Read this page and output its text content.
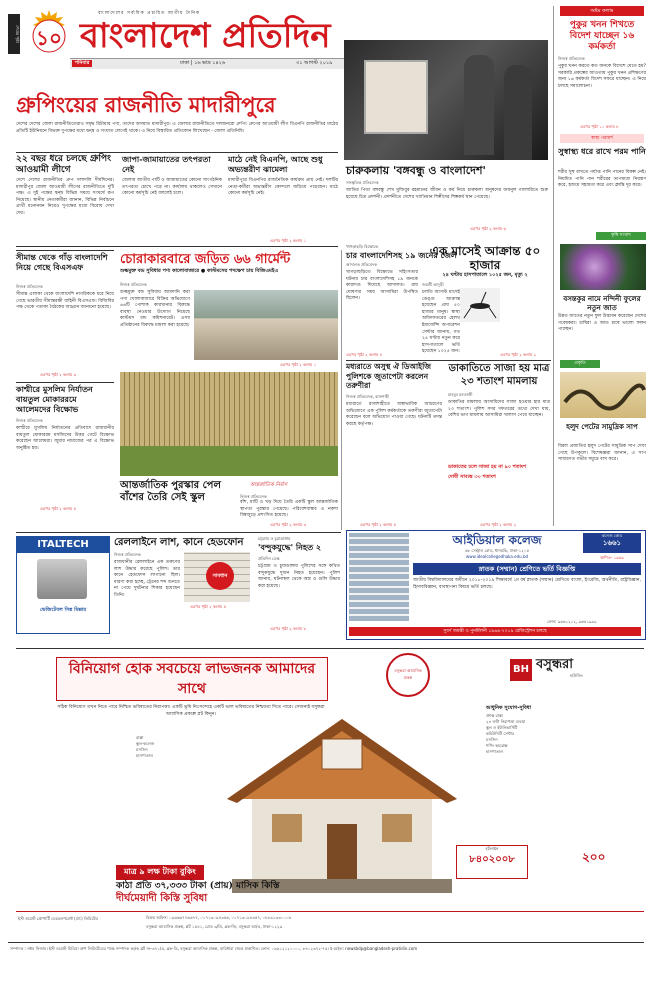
শেষের পৃষ্ঠা ১০
বাংলাদেশের সর্বাধিক প্রচারিত জাতীয় দৈনিক
বাংলাদেশ প্রতিদিন
শনিবার	ঢাকা | ১৬ ভাদ্র ১৪২৬	৩১ আগস্ট ২০১৯
গ্রুপিংয়ের রাজনীতি মাদারীপুরে
দেশের দেশের জেলা রাজনীতিতেরাও সমৃদ্ধ রিটায়ার পণ্য, তাদের অসমাত মাদারীপুর। এ জেলার রাজনীতিতে দলজনরো গ্রুপিং গ্রুপের আওয়ামী লীগ বিএনপি রাজনীতির মাঠের প্রতিটি ইউনিয়নে বিভক্ত দুপক্ষের মধ্যে দ্বন্দ্ব ও সংঘাত লেগেই থাকে। এ নিয়ে বিস্তারিত প্রতিবেদন লিখেছেন - জেলা প্রতিনিধি।
২২ বছর ধরে চলছে গ্রুপিং আওয়ামী লীগে
জাপা-জামায়াতের তৎপরতা নেই
মাঠে নেই বিএনপি, আছে শুধু অভ্যন্তরীণ ঝামেলা
দেশে দেশের রাজনীতির গ্রুপ দলাদলি দীর্ঘদিনের। মাদারীপুর জেলা আওয়ামী লীগের রাজনীতিতে দুটি পক্ষ। এ দুই পক্ষের দ্বন্দ্ব বিভিন্ন সময়ে সংঘর্ষে রূপ নিয়েছে। স্থানীয় নেতাকর্মীরা জানান, বিভিন্ন নির্বাচনে প্রার্থী মনোনয়ন নিয়েও দুপক্ষের মধ্যে বিরোধ দেখা দেয়।
জেলায় জাতীয় পার্টি ও জামায়াতের কোনো সাংগঠনিক তৎপরতা চোখে পড়ে না। কার্যালয় থাকলেও সেখানে কোনো কর্মসূচি নেই বললেই চলে।
মাদারীপুরে বিএনপির রাজনৈতিক কার্যক্রম প্রায় নেই। দলটির নেতা-কর্মীরা অভ্যন্তরীণ কোন্দলে জড়িয়ে পড়েছেন। মাঠে কোনো কর্মসূচি নেই।
এরপর পৃষ্ঠা ২ কলাম ১
চারুকলায় 'বঙ্গবন্ধু ও বাংলাদেশ'
সাংস্কৃতিক প্রতিবেদক
জাতির পিতা বঙ্গবন্ধু শেখ মুজিবুর রহমানের জীবন ও কর্ম নিয়ে চারুকলা অনুষদের জয়নুল গ্যালারিতে শুরু হয়েছে চিত্র প্রদর্শনী। প্রদর্শনীতে দেশের খ্যাতিমান শিল্পীদের শিল্পকর্ম স্থান পেয়েছে।
এরপর পৃষ্ঠা ২ কলাম ৬
অষ্টম কলাম
পুকুর খনন শিখতে বিদেশ যাচ্ছেন ১৬ কর্মকর্তা
নিজস্ব প্রতিবেদক
পুকুর খনন করতে কত জনকে বিদেশে যেতে হয়? সরকারি প্রকল্পের আওতায় পুকুর খনন প্রশিক্ষণের জন্য ১৬ কর্মকর্তা বিদেশ সফরে যাচ্ছেন। এ নিয়ে চলছে সমালোচনা।
এরপর পৃষ্ঠা ১০ কলাম ৮
স্বাস্থ্য পরামর্শ
সুস্বাস্থ্য ধরে রাখে পরম পানি
শরীর সুস্থ রাখতে পর্যাপ্ত পানি পানের বিকল্প নেই। নিয়মিত পানি পান শরীরের তাপমাত্রা নিয়ন্ত্রণ করে, হজমে সহায়তা করে এবং ক্লান্তি দূর করে।
কৃষি সংবাদ
বসন্তকুর নামে নন্দিনী ফুলের নতুন জাত
উন্নত জাতের নতুন ফুল উদ্ভাবন করেছেন দেশের গবেষকরা। চাষিরা এ জাত চাষে ভালো ফলন পাচ্ছেন।
প্রকৃতি
হলুদ পেটের সামুদ্রিক সাপ
বিরল প্রজাতির হলুদ পেটের সামুদ্রিক সাপ দেখা গেছে উপকূলে। বিশেষজ্ঞরা জানান, এ সাপ সাধারণত গভীর সমুদ্রে বাস করে।
সীমান্ত থেকে গাঁড় বাংলাদেশি নিয়ে গেছে বিএসএফ
নিজস্ব প্রতিবেদক
সীমান্ত এলাকা থেকে বাংলাদেশি নাগরিককে ধরে নিয়ে গেছে ভারতীয় সীমান্তরক্ষী বাহিনী বিএসএফ। বিজিবির পক্ষ থেকে পতাকা বৈঠকের আহ্বান জানানো হয়েছে।
এরপর পৃষ্ঠা ২ কলাম ৩
কাশ্মীরে মুসলিম নির্যাতন বায়তুল মোকাররমে আলেমদের বিক্ষোভ
নিজস্ব প্রতিবেদক
কাশ্মীরে মুসলিম নির্যাতনের প্রতিবাদে রাজধানীর বায়তুল মোকাররম মসজিদের উত্তর গেটে বিক্ষোভ করেছেন আলেমরা। জুমার নামাজের পর এ বিক্ষোভ অনুষ্ঠিত হয়।
এরপর পৃষ্ঠা ২ কলাম ৫
চোরাকারবারে জড়িত ৬৬ গার্মেন্ট
শুল্কমুক্ত বন্ড সুবিধার পণ্য কালোবাজারে ● কাস্টমসের পদক্ষেপ চায় বিজিএমইএ
নিজস্ব প্রতিবেদক
শুল্কমুক্ত বন্ড সুবিধায় আমদানি করা পণ্য খোলাবাজারে বিক্রির অভিযোগে ৬৬টি পোশাক কারখানার বিরুদ্ধে ব্যবস্থা নেওয়ার উদ্যোগ নিয়েছে কাস্টমস বন্ড কমিশনারেট। এসব প্রতিষ্ঠানের বিরুদ্ধে মামলা করা হয়েছে।
এরপর পৃষ্ঠা ২ কলাম ১
আন্তর্জাতিক পুরস্কার পেল বাঁশের তৈরি সেই স্কুল
আন্তর্জাতিক নির্মাণ
নিজস্ব প্রতিবেদক
বাঁশ, মাটি ও খড় দিয়ে তৈরি একটি স্কুল আন্তর্জাতিক স্থাপত্য পুরস্কার পেয়েছে। পরিবেশবান্ধব এ নকশা বিশ্বজুড়ে প্রশংসিত হয়েছে।
এরপর পৃষ্ঠা ২ কলাম ৩
খাগড়াছড়ি বিক্ষোভে
চার বাংলাদেশিসহ ১৯ জনের জেল
আদালত প্রতিবেদক
খাগড়াছড়িতে বিক্ষোভে সহিংসতার ঘটনায় চার বাংলাদেশিসহ ১৯ জনকে কারাদণ্ড দিয়েছে আদালত। রায় ঘোষণার সময় আসামিরা উপস্থিত ছিলেন।
এরপর পৃষ্ঠা ২ কলাম ৪
এক মাসেই আক্রান্ত ৫০ হাজার
২৪ ঘণ্টায় হাসপাতালে ১০২৫ জন, মৃত্যু ২
জয়শ্রী ভাদুড়ী
চলতি আগস্ট মাসেই ডেঙ্গু আক্রান্ত হয়েছেন প্রায় ৫০ হাজার মানুষ। স্বাস্থ্য অধিদফতরের হেলথ ইমার্জেন্সি অপারেশন সেন্টার জানায়, গত ২৪ ঘণ্টায় নতুন করে হাসপাতালে ভর্তি হয়েছেন ১০২৫ জন।
এরপর পৃষ্ঠা ২ কলাম ২
মধ্যরাতে অসুস্থ ঐ ডিআইজি পুলিশকে জুতাপেটা করলেন তরুণীরা
নিজস্ব প্রতিবেদক, রাজশাহী
মধ্যরাতে রাজশাহীতে অস্বাভাবিক আচরণের অভিযোগে এক পুলিশ কর্মকর্তাকে তরুণীরা জুতাপেটা করেছেন বলে অভিযোগ পাওয়া গেছে। ঘটনাটি তদন্ত করছে কর্তৃপক্ষ।
এরপর পৃষ্ঠা ২ কলাম ৫
ডাকাতিতে সাজা হয় মাত্র ২৩ শতাংশ মামলায়
মাহবুব মমতাজী
ডাকাতির মামলায় আসামিদের সাজা হওয়ার হার মাত্র ২৩ শতাংশ। পুলিশ সদর দফতরের তথ্যে দেখা যায়, বেশির ভাগ মামলায় আসামিরা খালাস পেয়ে যাচ্ছেন।
ডাকাতের ঢলে সাজা হয় না ৯০ শতাংশ
দোষী সাব্যস্ত ৩০ শতাংশ
এরপর পৃষ্ঠা ২ কলাম ২
ITALTECH
ভেজিটেবল সিঙ্ক মিক্সার
রেললাইনে লাশ, কানে হেডফোন
নিজস্ব প্রতিবেদক
রাজধানীর রেললাইনে এক তরুণের লাশ উদ্ধার করেছে পুলিশ। তার কানে হেডফোন লাগানো ছিল। ধারণা করা হচ্ছে, ট্রেনের শব্দ শুনতে না পেয়ে দুর্ঘটনার শিকার হয়েছেন তিনি।
সাবধান
এরপর পৃষ্ঠা ২ কলাম ৫
চট্টগ্রাম ও চুয়াডাঙ্গায়
'বন্দুকযুদ্ধে' নিহত ২
প্রতিদিন ডেস্ক
চট্টগ্রাম ও চুয়াডাঙ্গায় পুলিশের সঙ্গে কথিত বন্দুকযুদ্ধে দুজন নিহত হয়েছেন। পুলিশ জানায়, ঘটনাস্থল থেকে অস্ত্র ও গুলি উদ্ধার করা হয়েছে।
এরপর পৃষ্ঠা ২ কলাম ৮
আইডিয়াল কলেজ
৬৮ সেন্ট্রাল রোড, ধানমন্ডি, ঢাকা-১২০৫
www.idealcollegedhaka.edu.bd
কলেজ কোড
১৬৬১
স্থাপিত- ১৯৬৯
স্নাতক (সম্মান) শ্রেণিতে ভর্তি বিজ্ঞপ্তি
জাতীয় বিশ্ববিদ্যালয়ের অধীনে ২০১৮-২০১৯ শিক্ষাবর্ষে ১ম বর্ষ স্নাতক (সম্মান) শ্রেণিতে বাংলা, ইংরেজি, অর্থনীতি, রাষ্ট্রবিজ্ঞান, হিসাববিজ্ঞান, ব্যবস্থাপনা বিষয়ে ভর্তি চলছে।
ফোন: ৯৬৬১২১২, ৯৬৬১৯৯৯
সুবর্ণ জয়ন্তী ও পুনর্মিলনী ১৯৬৯-২০১৯ রেজিস্ট্রেশন চলছে
বিনিয়োগ হোক সবচেয়ে লাভজনক আমাদের সাথে
সঠিক বিনিয়োগ তখন নিতে পারে নিশ্চিত ভবিষ্যতের নিরাপত্তা। একটি ভূমি নিঃসন্দেহে একটি ভাল ভবিষ্যতের নিশ্চয়তা দিতে পারে। সেজন্যই বসুন্ধরা আবাসিক প্রকল্পে প্লট কিনুন।
রাস্তা
স্কুল-কলেজ
মসজিদ
হাসপাতাল
মাত্র ৯ লক্ষ টাকা বুকিং
কাঠা প্রতি ৩৭,৩৩৩ টাকা (প্রায়) মাসিক কিস্তি
দীর্ঘমেয়াদী কিস্তি সুবিধা
বসুন্ধরা আবাসিক প্রকল্প
BH বসুন্ধরা
হাউজিং
আধুনিক সুযোগ-সুবিধা
প্রশস্ত রাস্তা
২৪ ঘণ্টা নিরাপত্তা ব্যবস্থা
স্কুল ও ইউনিভার্সিটি
কমিউনিটি সেন্টার
মসজিদ
শপিং কমপ্লেক্স
হাসপাতাল
হটলাইন
৮৪০২০০৮	২০০
ইস্ট ওয়েস্ট প্রোপার্টি ডেভেলপমেন্ট (প্রা:) লিমিটেড	বিক্রয় অফিস: ০৯৬৬৬৭৭৬৬৭৭, ০১৭১৩০৯৪৩৫৬, ০১৭১৩০৯৪৩৫৭, ০৮৮৯১৩৩০০০৬
বসুন্ধরা আবাসিক প্রকল্প, প্লট ১৫৪১, রোড ৩/ডি, ব্লক-জি, বসুন্ধরা আ/এ, ঢাকা-১২২৯
সম্পাদক : নঈম নিজাম। ইস্ট ওয়েস্ট মিডিয়া গ্রুপ লিমিটেডের পক্ষে সম্পাদক কর্তৃক প্লট নং-৩৭১/এ, ব্লক-ডি, বসুন্ধরা আবাসিক প্রকল্প, বারিধারা থেকে প্রকাশিত। ফোন: ০৯৬১২১২০০০০, ৮৪০২৩৭২-৭৫। ই-মেইল: newsbdp@bangladesh-pratidin.com
